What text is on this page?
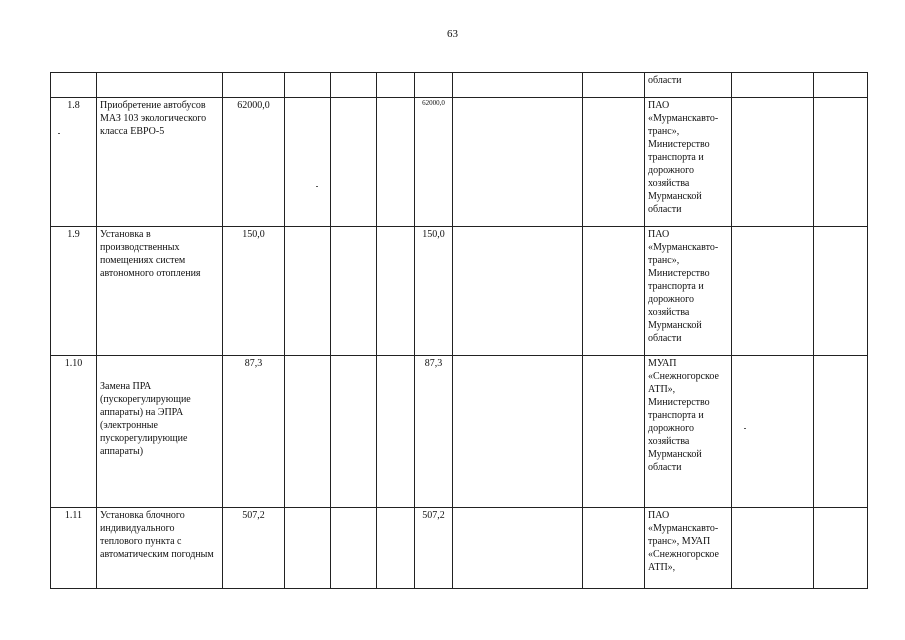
63
									области		
1.8	Приобретение автобусов МАЗ 103 экологического класса ЕВРО-5	62000,0				62000,0			ПАО «Мурманскавто-транс», Министерство транспорта и дорожного хозяйства Мурманской области		
1.9	Установка в производственных помещениях систем автономного отопления	150,0				150,0			ПАО «Мурманскавто-транс», Министерство транспорта и дорожного хозяйства Мурманской области		
1.10	Замена ПРА (пускорегулирующие аппараты) на ЭПРА (электронные пускорегулирующие аппараты)	87,3				87,3			МУАП «Снежногорское АТП», Министерство транспорта и дорожного хозяйства Мурманской области		
1.11	Установка блочного индивидуального теплового пункта с автоматическим погодным	507,2				507,2			ПАО «Мурманскавто-транс», МУАП «Снежногорское АТП»,		
